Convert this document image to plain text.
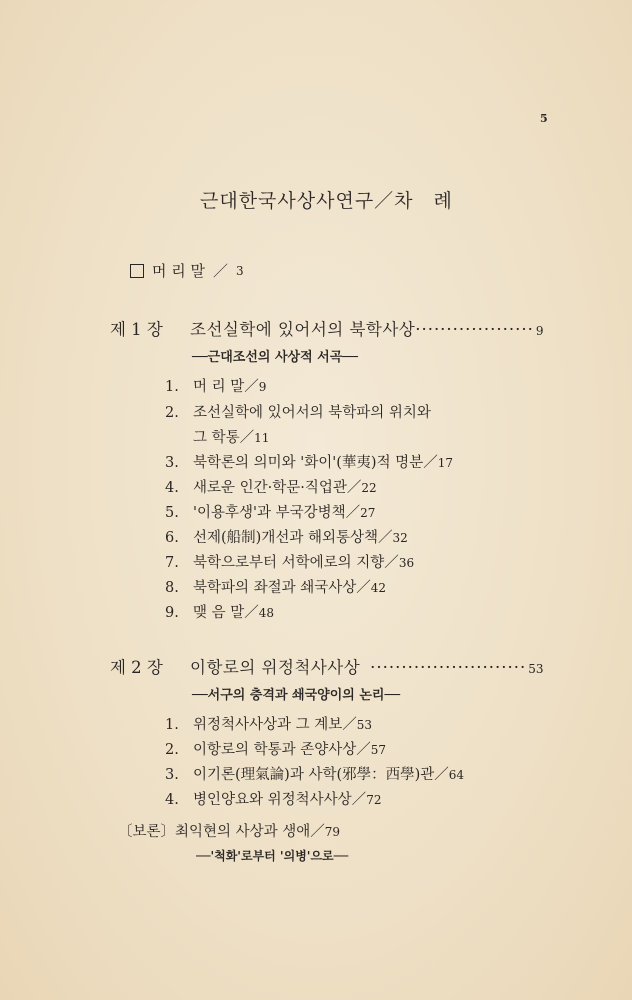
5
근대한국사상사연구／차　례
머 리 말 ／ 3
제 1 장	조선실학에 있어서의 북학사상 ··················· 9
──근대조선의 사상적 서곡──
1. 머 리 말／ 9
2. 조선실학에 있어서의 북학파의 위치와
그 학통／ 11
3. 북학론의 의미와 '화이'(華夷)적 명분／ 17
4. 새로운 인간·학문·직업관／ 22
5. '이용후생'과 부국강병책／ 27
6. 선제(船制)개선과 해외통상책／ 32
7. 북학으로부터 서학에로의 지향／ 36
8. 북학파의 좌절과 쇄국사상／ 42
9. 맺 음 말／ 48
제 2 장	이항로의 위정척사사상 ························· 53
──서구의 충격과 쇄국양이의 논리──
1. 위정척사사상과 그 계보／ 53
2. 이항로의 학통과 존양사상／ 57
3. 이기론(理氣論)과 사학(邪學：西學)관／ 64
4. 병인양요와 위정척사사상／ 72
〔보론〕최익현의 사상과 생애／79
──'척화'로부터 '의병'으로──
